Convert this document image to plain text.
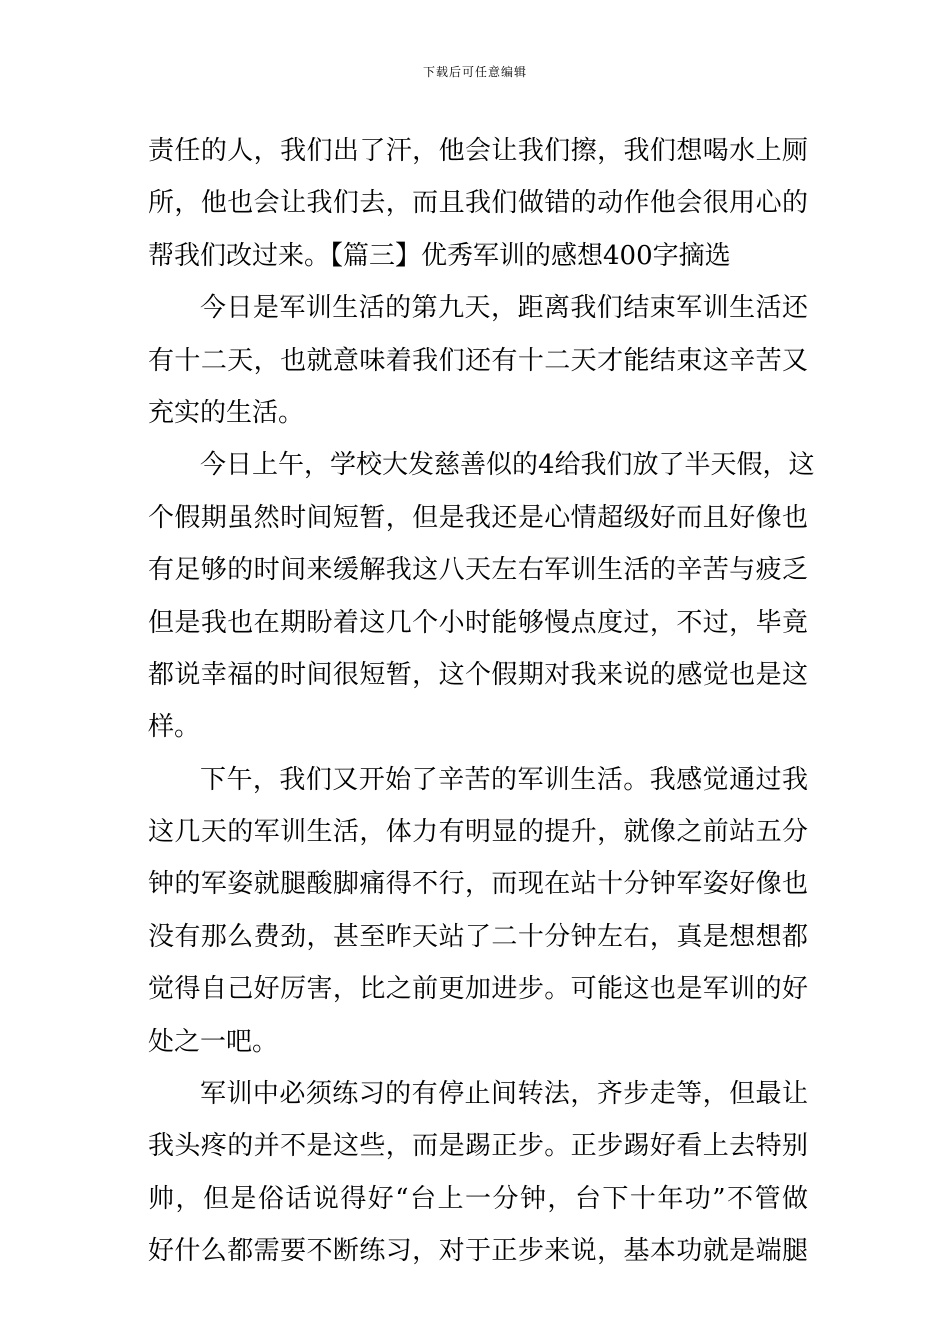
下载后可任意编辑
责任的人，我们出了汗，他会让我们擦，我们想喝水上厕
所，他也会让我们去，而且我们做错的动作他会很用心的
帮我们改过来。【篇三】优秀军训的感想400字摘选
今日是军训生活的第九天，距离我们结束军训生活还
有十二天，也就意味着我们还有十二天才能结束这辛苦又
充实的生活。
今日上午，学校大发慈善似的4给我们放了半天假，这
个假期虽然时间短暂，但是我还是心情超级好而且好像也
有足够的时间来缓解我这八天左右军训生活的辛苦与疲乏
但是我也在期盼着这几个小时能够慢点度过，不过，毕竟
都说幸福的时间很短暂，这个假期对我来说的感觉也是这
样。
下午，我们又开始了辛苦的军训生活。我感觉通过我
这几天的军训生活，体力有明显的提升，就像之前站五分
钟的军姿就腿酸脚痛得不行，而现在站十分钟军姿好像也
没有那么费劲，甚至昨天站了二十分钟左右，真是想想都
觉得自己好厉害，比之前更加进步。可能这也是军训的好
处之一吧。
军训中必须练习的有停止间转法，齐步走等，但最让
我头疼的并不是这些，而是踢正步。正步踢好看上去特别
帅，但是俗话说得好“台上一分钟，台下十年功”不管做
好什么都需要不断练习，对于正步来说，基本功就是端腿
